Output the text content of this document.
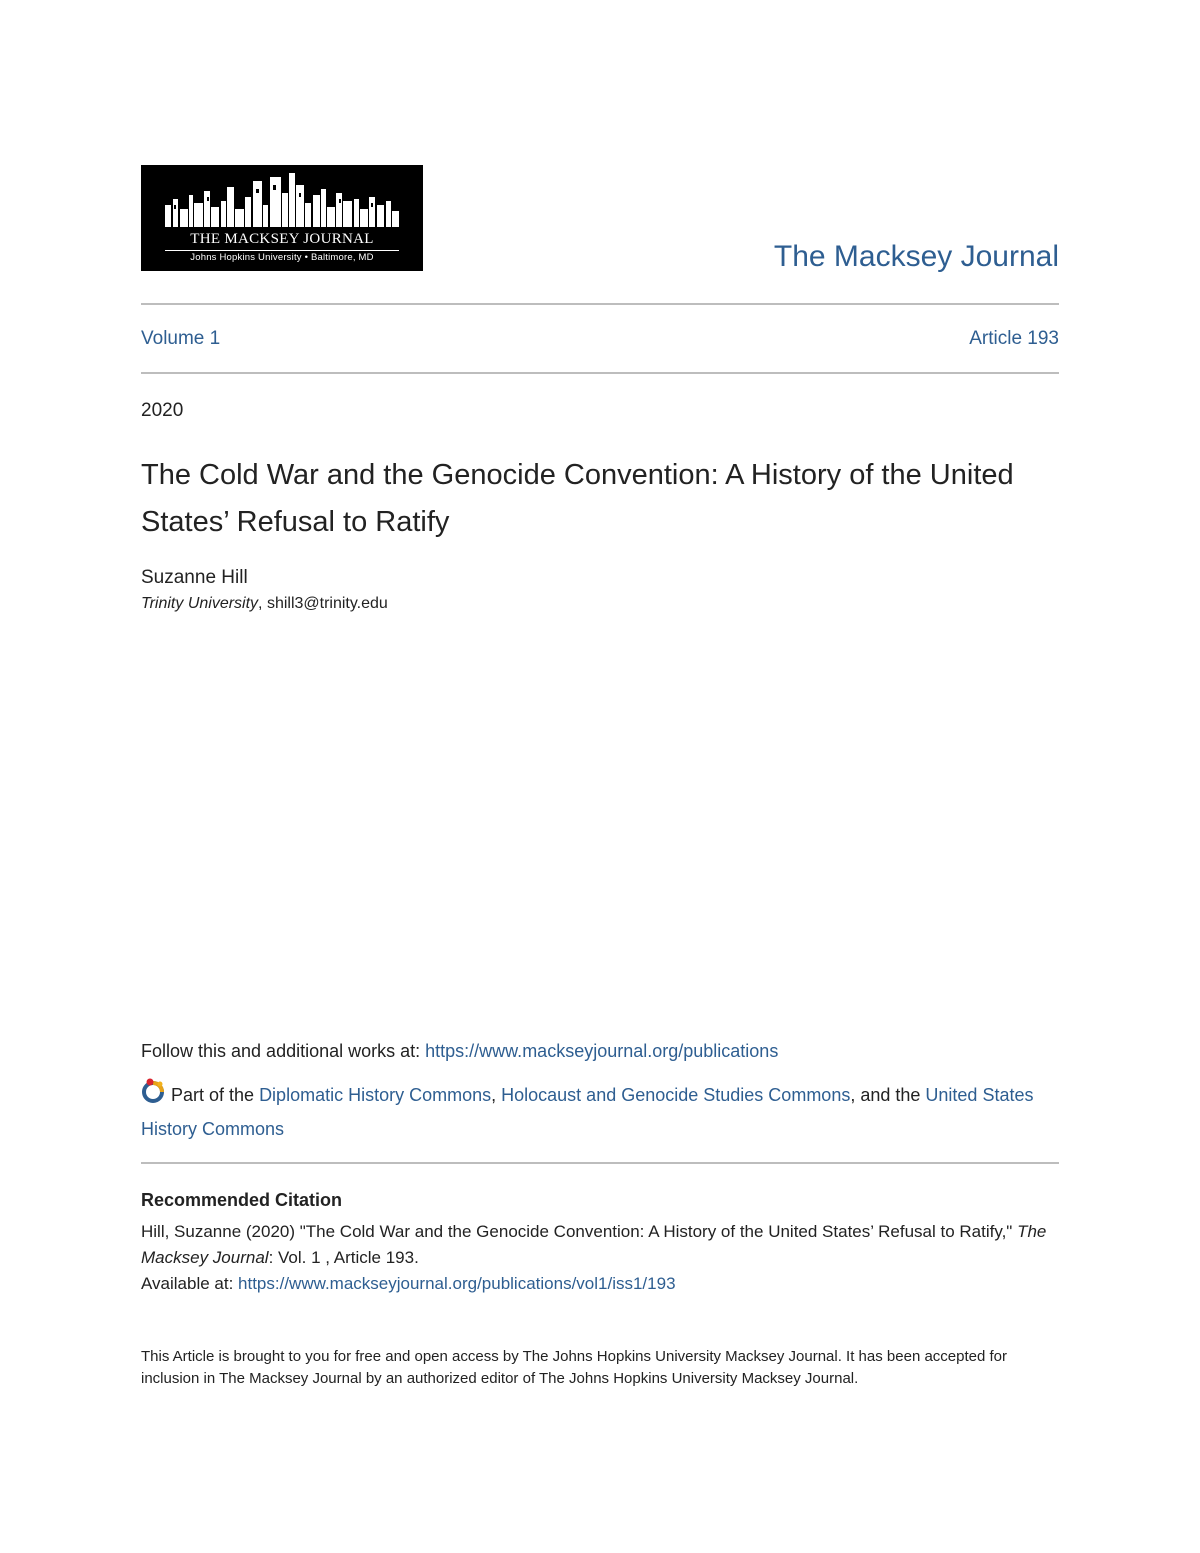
THE MACKSEY JOURNAL
Johns Hopkins University • Baltimore, MD	The Macksey Journal
Volume 1	Article 193
2020
The Cold War and the Genocide Convention: A History of the United States’ Refusal to Ratify
Suzanne Hill
Trinity University, shill3@trinity.edu
Follow this and additional works at: https://www.mackseyjournal.org/publications
Part of the Diplomatic History Commons, Holocaust and Genocide Studies Commons, and the United States History Commons
Recommended Citation
Hill, Suzanne (2020) "The Cold War and the Genocide Convention: A History of the United States’ Refusal to Ratify," The Macksey Journal: Vol. 1 , Article 193.
Available at: https://www.mackseyjournal.org/publications/vol1/iss1/193
This Article is brought to you for free and open access by The Johns Hopkins University Macksey Journal. It has been accepted for inclusion in The Macksey Journal by an authorized editor of The Johns Hopkins University Macksey Journal.
